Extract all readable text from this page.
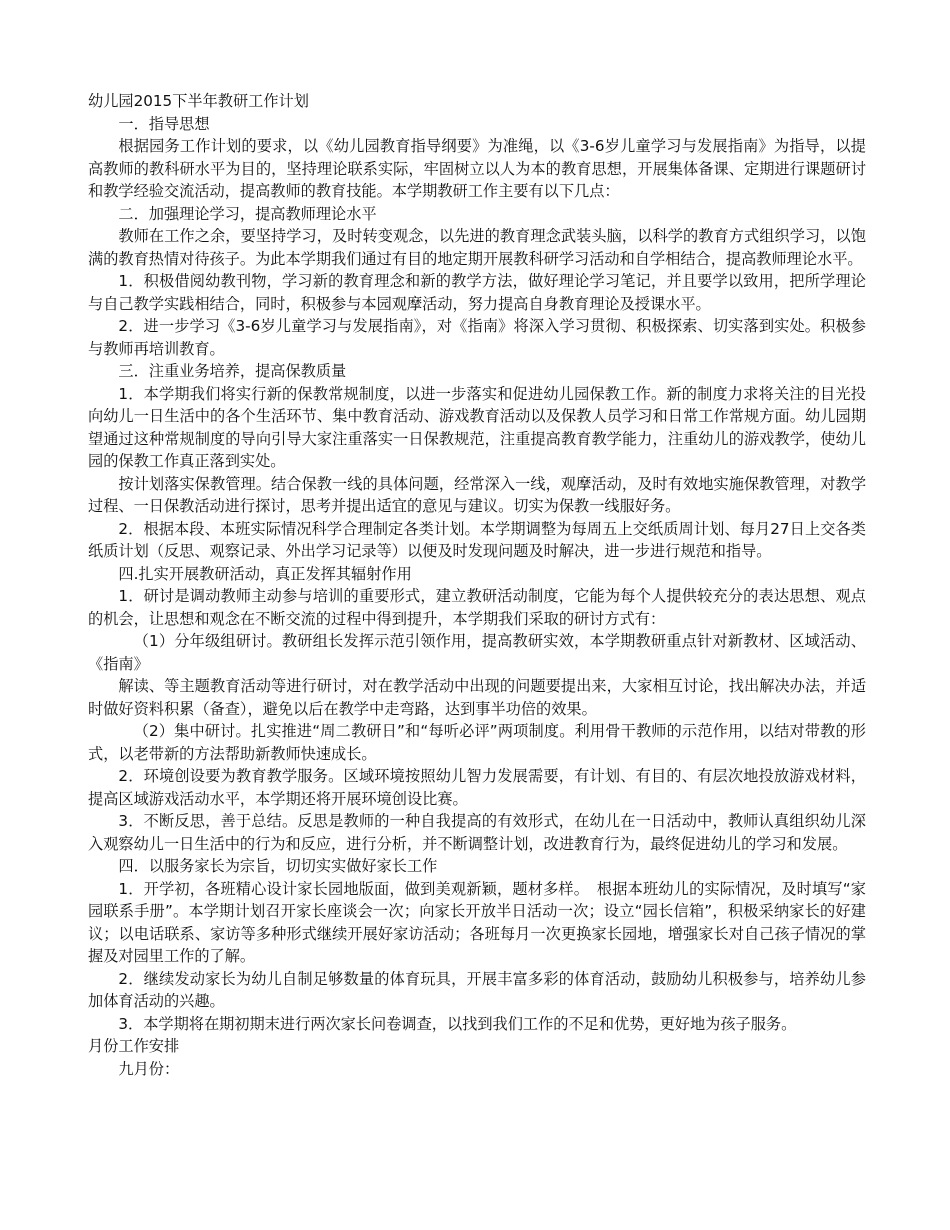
幼儿园2015下半年教研工作计划

一．指导思想

根据园务工作计划的要求，以《幼儿园教育指导纲要》为准绳，以《3-6岁儿童学习与发展指南》为指导，以提高教师的教科研水平为目的，坚持理论联系实际，牢固树立以人为本的教育思想，开展集体备课、定期进行课题研讨和教学经验交流活动，提高教师的教育技能。本学期教研工作主要有以下几点：

二．加强理论学习，提高教师理论水平

教师在工作之余，要坚持学习，及时转变观念，以先进的教育理念武装头脑，以科学的教育方式组织学习，以饱满的教育热情对待孩子。为此本学期我们通过有目的地定期开展教科研学习活动和自学相结合，提高教师理论水平。

1．积极借阅幼教刊物，学习新的教育理念和新的教学方法，做好理论学习笔记，并且要学以致用，把所学理论与自己教学实践相结合，同时，积极参与本园观摩活动，努力提高自身教育理论及授课水平。

2．进一步学习《3-6岁儿童学习与发展指南》，对《指南》将深入学习贯彻、积极探索、切实落到实处。积极参与教师再培训教育。

三．注重业务培养，提高保教质量

1．本学期我们将实行新的保教常规制度，以进一步落实和促进幼儿园保教工作。新的制度力求将关注的目光投向幼儿一日生活中的各个生活环节、集中教育活动、游戏教育活动以及保教人员学习和日常工作常规方面。幼儿园期望通过这种常规制度的导向引导大家注重落实一日保教规范，注重提高教育教学能力，注重幼儿的游戏教学，使幼儿园的保教工作真正落到实处。

按计划落实保教管理。结合保教一线的具体问题，经常深入一线，观摩活动，及时有效地实施保教管理，对教学过程、一日保教活动进行探讨，思考并提出适宜的意见与建议。切实为保教一线服好务。

2．根据本段、本班实际情况科学合理制定各类计划。本学期调整为每周五上交纸质周计划、每月27日上交各类纸质计划（反思、观察记录、外出学习记录等）以便及时发现问题及时解决，进一步进行规范和指导。

四.扎实开展教研活动，真正发挥其辐射作用

1．研讨是调动教师主动参与培训的重要形式，建立教研活动制度，它能为每个人提供较充分的表达思想、观点的机会，让思想和观念在不断交流的过程中得到提升，本学期我们采取的研讨方式有：

（1）分年级组研讨。教研组长发挥示范引领作用，提高教研实效，本学期教研重点针对新教材、区域活动、《指南》

解读、等主题教育活动等进行研讨，对在教学活动中出现的问题要提出来，大家相互讨论，找出解决办法，并适时做好资料积累（备查），避免以后在教学中走弯路，达到事半功倍的效果。

（2）集中研讨。扎实推进“周二教研日”和“每听必评”两项制度。利用骨干教师的示范作用，以结对带教的形式，以老带新的方法帮助新教师快速成长。

2．环境创设要为教育教学服务。区域环境按照幼儿智力发展需要，有计划、有目的、有层次地投放游戏材料，提高区域游戏活动水平，本学期还将开展环境创设比赛。

3．不断反思，善于总结。反思是教师的一种自我提高的有效形式，在幼儿在一日活动中，教师认真组织幼儿深入观察幼儿一日生活中的行为和反应，进行分析，并不断调整计划，改进教育行为，最终促进幼儿的学习和发展。

四．以服务家长为宗旨，切切实实做好家长工作

1．开学初，各班精心设计家长园地版面，做到美观新颖，题材多样。　根据本班幼儿的实际情况，及时填写“家园联系手册”。本学期计划召开家长座谈会一次；向家长开放半日活动一次；设立“园长信箱”，积极采纳家长的好建议；以电话联系、家访等多种形式继续开展好家访活动；各班每月一次更换家长园地，增强家长对自己孩子情况的掌握及对园里工作的了解。

2．继续发动家长为幼儿自制足够数量的体育玩具，开展丰富多彩的体育活动，鼓励幼儿积极参与，培养幼儿参加体育活动的兴趣。

3．本学期将在期初期末进行两次家长问卷调查，以找到我们工作的不足和优势，更好地为孩子服务。

月份工作安排

九月份：
